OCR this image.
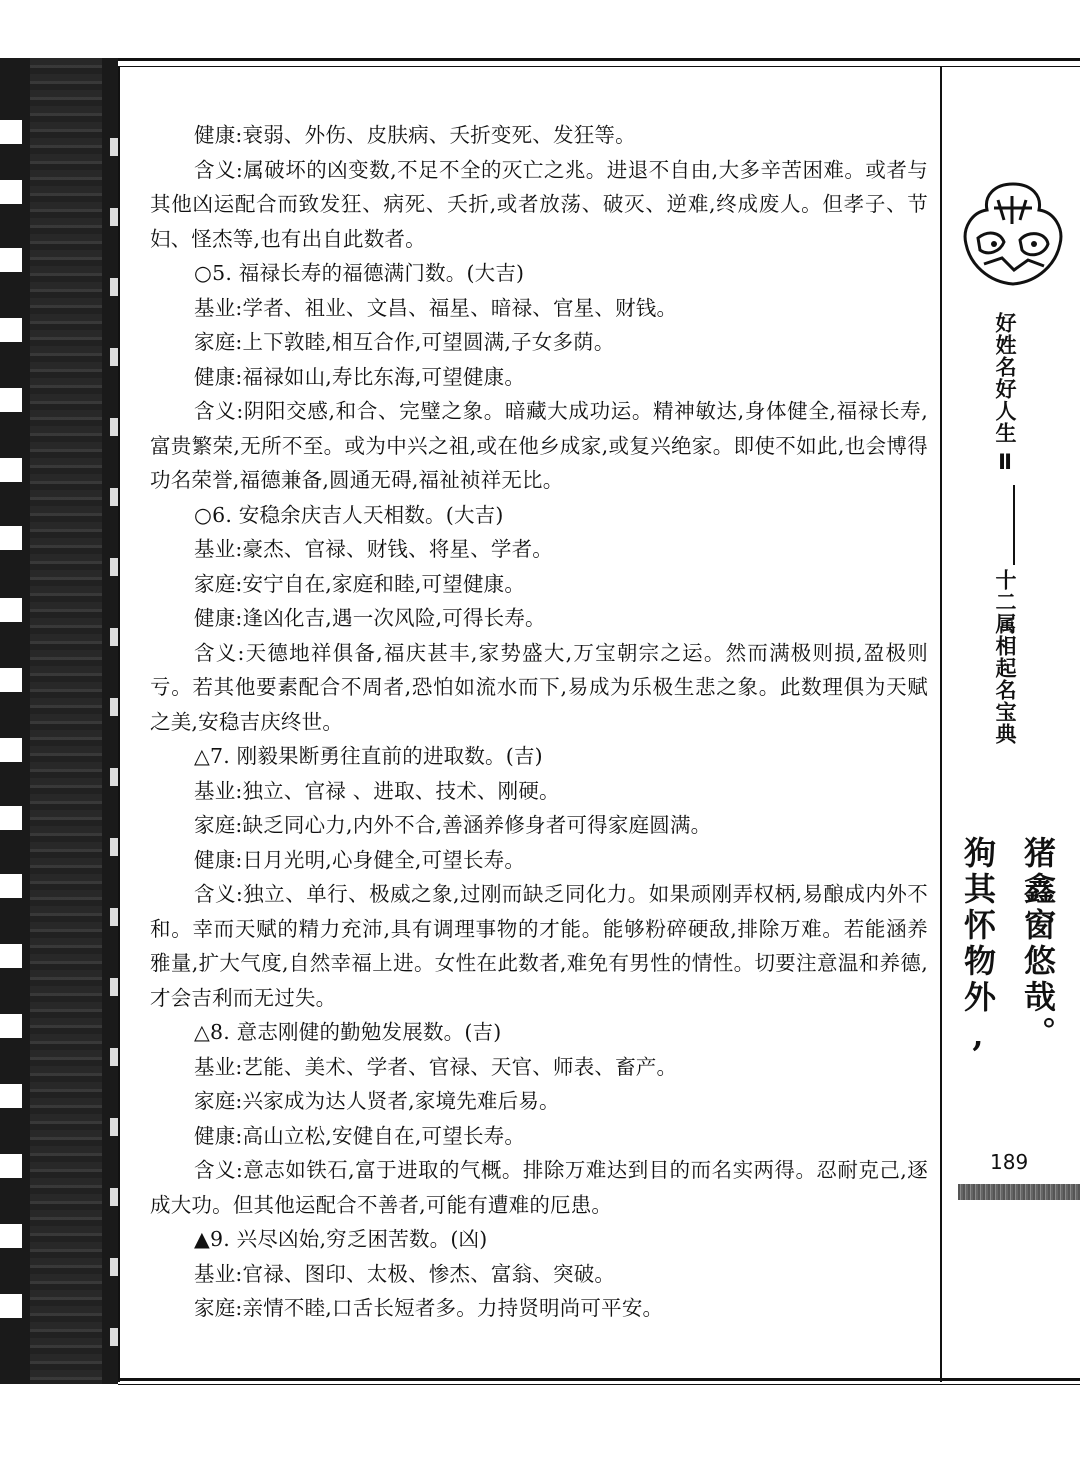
健康:衰弱、外伤、皮肤病、夭折变死、发狂等。

含义:属破坏的凶变数,不足不全的灭亡之兆。进退不自由,大多辛苦困难。或者与其他凶运配合而致发狂、病死、夭折,或者放荡、破灭、逆难,终成废人。但孝子、节妇、怪杰等,也有出自此数者。

○5. 福禄长寿的福德满门数。(大吉)

基业:学者、祖业、文昌、福星、暗禄、官星、财钱。

家庭:上下敦睦,相互合作,可望圆满,子女多荫。

健康:福禄如山,寿比东海,可望健康。

含义:阴阳交感,和合、完璧之象。暗藏大成功运。精神敏达,身体健全,福禄长寿,富贵繁荣,无所不至。或为中兴之祖,或在他乡成家,或复兴绝家。即使不如此,也会博得功名荣誉,福德兼备,圆通无碍,福祉祯祥无比。

○6. 安稳余庆吉人天相数。(大吉)

基业:豪杰、官禄、财钱、将星、学者。

家庭:安宁自在,家庭和睦,可望健康。

健康:逢凶化吉,遇一次风险,可得长寿。

含义:天德地祥俱备,福庆甚丰,家势盛大,万宝朝宗之运。然而满极则损,盈极则亏。若其他要素配合不周者,恐怕如流水而下,易成为乐极生悲之象。此数理俱为天赋之美,安稳吉庆终世。

△7. 刚毅果断勇往直前的进取数。(吉)

基业:独立、官禄 、进取、技术、刚硬。

家庭:缺乏同心力,内外不合,善涵养修身者可得家庭圆满。

健康:日月光明,心身健全,可望长寿。

含义:独立、单行、极威之象,过刚而缺乏同化力。如果顽刚弄权柄,易酿成内外不和。幸而天赋的精力充沛,具有调理事物的才能。能够粉碎硬敌,排除万难。若能涵养雅量,扩大气度,自然幸福上进。女性在此数者,难免有男性的情性。切要注意温和养德,才会吉利而无过失。

△8. 意志刚健的勤勉发展数。(吉)

基业:艺能、美术、学者、官禄、天官、师表、畜产。

家庭:兴家成为达人贤者,家境先难后易。

健康:高山立松,安健自在,可望长寿。

含义:意志如铁石,富于进取的气概。排除万难达到目的而名实两得。忍耐克己,逐成大功。但其他运配合不善者,可能有遭难的厄患。

▲9. 兴尽凶始,穷乏困苦数。(凶)

基业:官禄、图印、太极、惨杰、富翁、突破。

家庭:亲情不睦,口舌长短者多。力持贤明尚可平安。

好姓名好人生Ⅱ十二属相起名宝典
猪鑫窗悠哉。
狗其怀物外,
189
